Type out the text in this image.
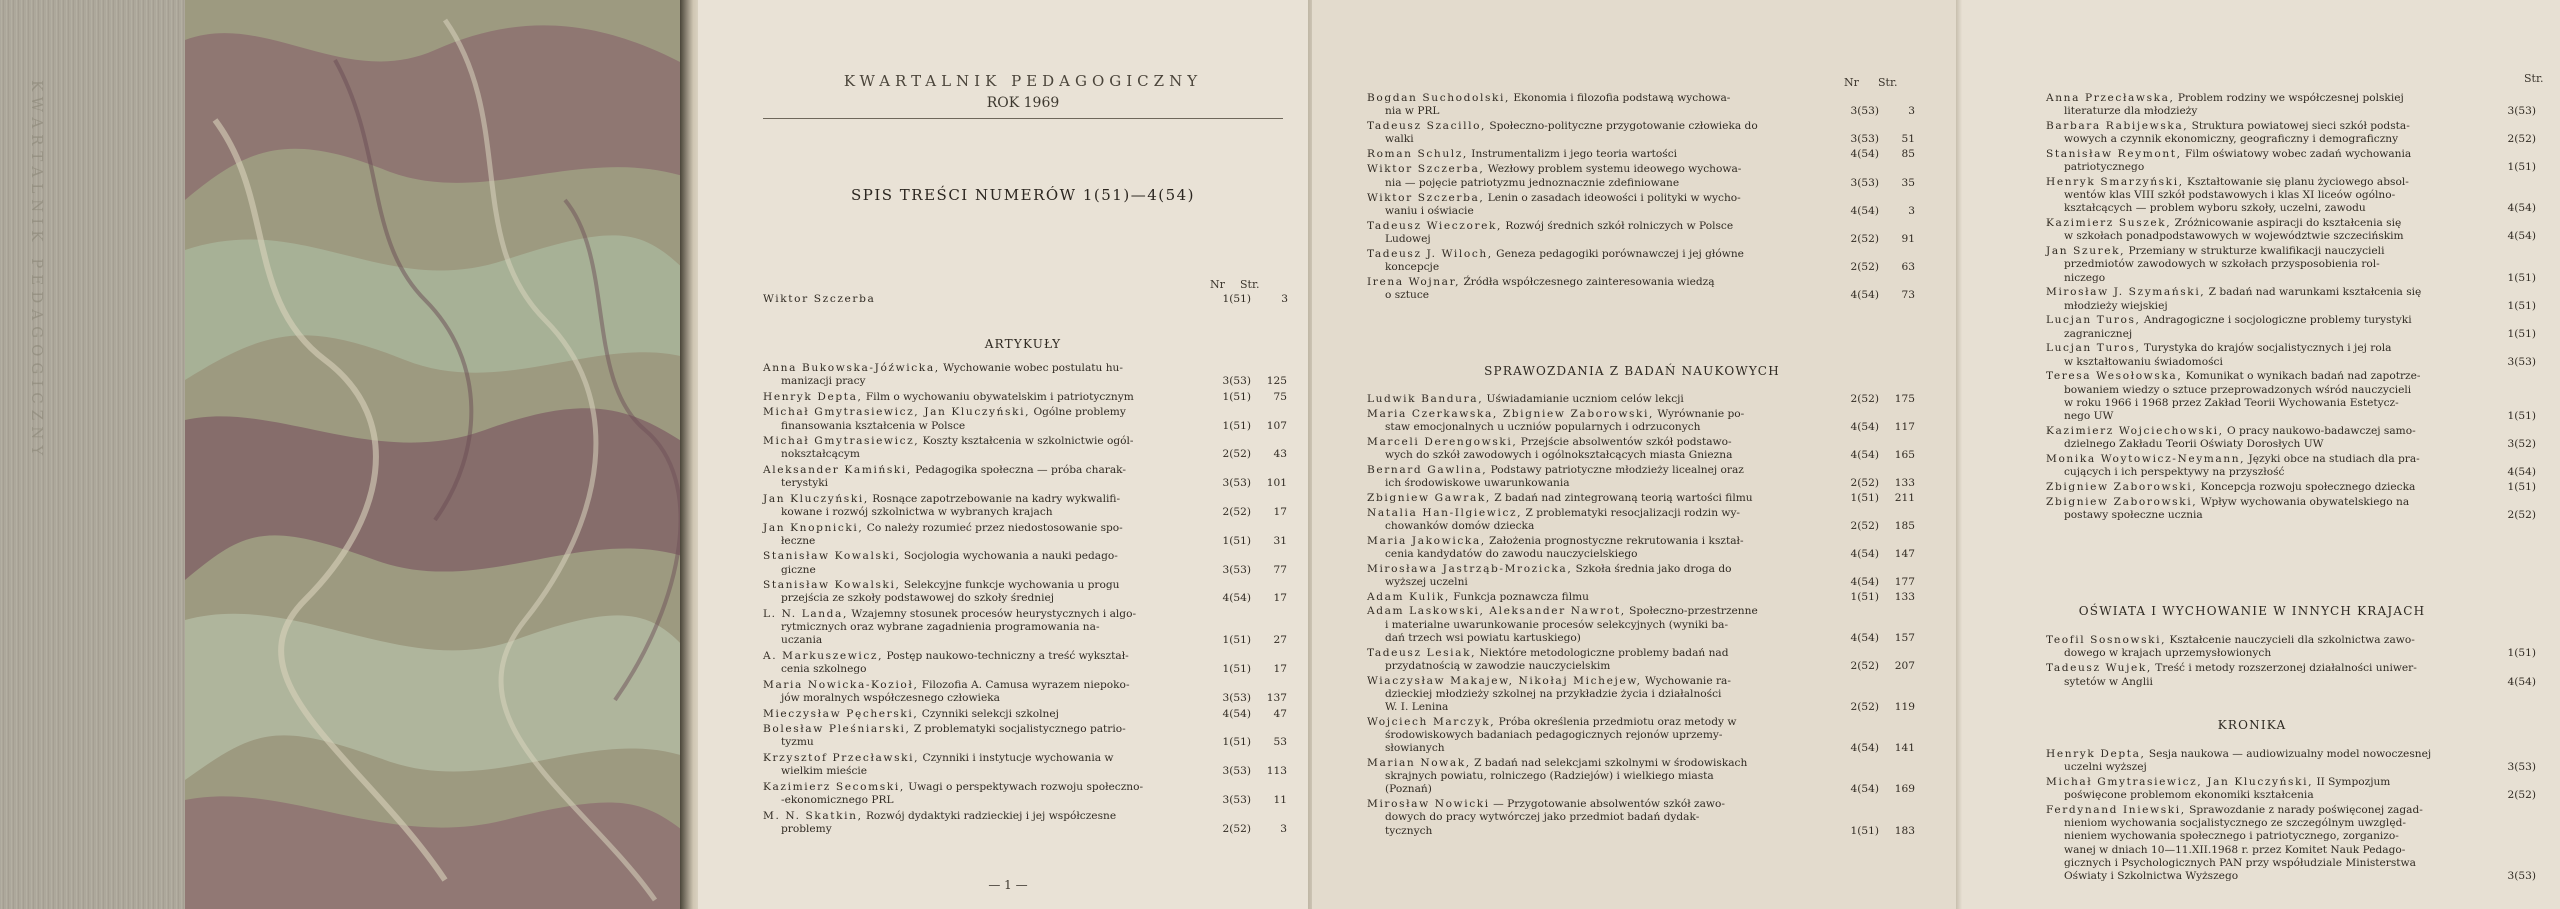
KWARTALNIK PEDAGOGICZNY	KWARTALNIK PEDAGOGICZNY
ROK 1969
SPIS TREŚCI NUMERÓW 1(51)—4(54)
Nr Str.
Wiktor Szczerba	1(51)	3
ARTYKUŁY
Anna Bukowska-Jóźwicka, Wychowanie wobec postulatu hu-
manizacji pracy	3(53)	125
Henryk Depta, Film o wychowaniu obywatelskim i patriotycznym	1(51)	75
Michał Gmytrasiewicz, Jan Kluczyński, Ogólne problemy
finansowania kształcenia w Polsce	1(51)	107
Michał Gmytrasiewicz, Koszty kształcenia w szkolnictwie ogól-
nokształcącym	2(52)	43
Aleksander Kamiński, Pedagogika społeczna — próba charak-
terystyki	3(53)	101
Jan Kluczyński, Rosnące zapotrzebowanie na kadry wykwalifi-
kowane i rozwój szkolnictwa w wybranych krajach	2(52)	17
Jan Knopnicki, Co należy rozumieć przez niedostosowanie spo-
łeczne	1(51)	31
Stanisław Kowalski, Socjologia wychowania a nauki pedago-
giczne	3(53)	77
Stanisław Kowalski, Selekcyjne funkcje wychowania u progu
przejścia ze szkoły podstawowej do szkoły średniej	4(54)	17
L. N. Landa, Wzajemny stosunek procesów heurystycznych i algo-
rytmicznych oraz wybrane zagadnienia programowania na-
uczania	1(51)	27
A. Markuszewicz, Postęp naukowo-techniczny a treść wykształ-
cenia szkolnego	1(51)	17
Maria Nowicka-Kozioł, Filozofia A. Camusa wyrazem niepoko-
jów moralnych współczesnego człowieka	3(53)	137
Mieczysław Pęcherski, Czynniki selekcji szkolnej	4(54)	47
Bolesław Pleśniarski, Z problematyki socjalistycznego patrio-
tyzmu	1(51)	53
Krzysztof Przecławski, Czynniki i instytucje wychowania w
wielkim mieście	3(53)	113
Kazimierz Secomski, Uwagi o perspektywach rozwoju społeczno-
-ekonomicznego PRL	3(53)	11
M. N. Skatkin, Rozwój dydaktyki radzieckiej i jej współczesne
problemy	2(52)	3
— 1 —
Nr Str.
Bogdan Suchodolski, Ekonomia i filozofia podstawą wychowa-
nia w PRL	3(53)	3
Tadeusz Szacillo, Społeczno-polityczne przygotowanie człowieka do
walki	3(53)	51
Roman Schulz, Instrumentalizm i jego teoria wartości	4(54)	85
Wiktor Szczerba, Wezłowy problem systemu ideowego wychowa-
nia — pojęcie patriotyzmu jednoznacznie zdefiniowane	3(53)	35
Wiktor Szczerba, Lenin o zasadach ideowości i polityki w wycho-
waniu i oświacie	4(54)	3
Tadeusz Wieczorek, Rozwój średnich szkół rolniczych w Polsce
Ludowej	2(52)	91
Tadeusz J. Wiloch, Geneza pedagogiki porównawczej i jej główne
koncepcje	2(52)	63
Irena Wojnar, Źródła współczesnego zainteresowania wiedzą
o sztuce	4(54)	73
SPRAWOZDANIA Z BADAŃ NAUKOWYCH
Ludwik Bandura, Uświadamianie uczniom celów lekcji	2(52)	175
Maria Czerkawska, Zbigniew Zaborowski, Wyrównanie po-
staw emocjonalnych u uczniów popularnych i odrzuconych	4(54)	117
Marceli Derengowski, Przejście absolwentów szkół podstawo-
wych do szkół zawodowych i ogólnokształcących miasta Gniezna	4(54)	165
Bernard Gawlina, Podstawy patriotyczne młodzieży licealnej oraz
ich środowiskowe uwarunkowania	2(52)	133
Zbigniew Gawrak, Z badań nad zintegrowaną teorią wartości filmu	1(51)	211
Natalia Han-Ilgiewicz, Z problematyki resocjalizacji rodzin wy-
chowanków domów dziecka	2(52)	185
Maria Jakowicka, Założenia prognostyczne rekrutowania i kształ-
cenia kandydatów do zawodu nauczycielskiego	4(54)	147
Mirosława Jastrząb-Mrozicka, Szkoła średnia jako droga do
wyższej uczelni	4(54)	177
Adam Kulik, Funkcja poznawcza filmu	1(51)	133
Adam Laskowski, Aleksander Nawrot, Społeczno-przestrzenne
i materialne uwarunkowanie procesów selekcyjnych (wyniki ba-
dań trzech wsi powiatu kartuskiego)	4(54)	157
Tadeusz Lesiak, Niektóre metodologiczne problemy badań nad
przydatnością w zawodzie nauczycielskim	2(52)	207
Wiaczysław Makajew, Nikołaj Michejew, Wychowanie ra-
dzieckiej młodzieży szkolnej na przykładzie życia i działalności
W. I. Lenina	2(52)	119
Wojciech Marczyk, Próba określenia przedmiotu oraz metody w
środowiskowych badaniach pedagogicznych rejonów uprzemy-
słowianych	4(54)	141
Marian Nowak, Z badań nad selekcjami szkolnymi w środowiskach
skrajnych powiatu, rolniczego (Radziejów) i wielkiego miasta
(Poznań)	4(54)	169
Mirosław Nowicki — Przygotowanie absolwentów szkół zawo-
dowych do pracy wytwórczej jako przedmiot badań dydak-
tycznych	1(51)	183
Str.
Anna Przecławska, Problem rodziny we współczesnej polskiej
literaturze dla młodzieży	3(53)
Barbara Rabijewska, Struktura powiatowej sieci szkół podsta-
wowych a czynnik ekonomiczny, geograficzny i demograficzny	2(52)
Stanisław Reymont, Film oświatowy wobec zadań wychowania
patriotycznego	1(51)
Henryk Smarzyński, Kształtowanie się planu życiowego absol-
wentów klas VIII szkół podstawowych i klas XI liceów ogólno-
kształcących — problem wyboru szkoły, uczelni, zawodu	4(54)
Kazimierz Suszek, Zróżnicowanie aspiracji do kształcenia się
w szkołach ponadpodstawowych w województwie szczecińskim	4(54)
Jan Szurek, Przemiany w strukturze kwalifikacji nauczycieli
przedmiotów zawodowych w szkołach przysposobienia rol-
niczego	1(51)
Mirosław J. Szymański, Z badań nad warunkami kształcenia się
młodzieży wiejskiej	1(51)
Lucjan Turos, Andragogiczne i socjologiczne problemy turystyki
zagranicznej	1(51)
Lucjan Turos, Turystyka do krajów socjalistycznych i jej rola
w kształtowaniu świadomości	3(53)
Teresa Wesołowska, Komunikat o wynikach badań nad zapotrze-
bowaniem wiedzy o sztuce przeprowadzonych wśród nauczycieli
w roku 1966 i 1968 przez Zakład Teorii Wychowania Estetycz-
nego UW	1(51)
Kazimierz Wojciechowski, O pracy naukowo-badawczej samo-
dzielnego Zakładu Teorii Oświaty Dorosłych UW	3(52)
Monika Woytowicz-Neymann, Języki obce na studiach dla pra-
cujących i ich perspektywy na przyszłość	4(54)
Zbigniew Zaborowski, Koncepcja rozwoju społecznego dziecka	1(51)
Zbigniew Zaborowski, Wpływ wychowania obywatelskiego na
postawy społeczne ucznia	2(52)
OŚWIATA I WYCHOWANIE W INNYCH KRAJACH
Teofil Sosnowski, Kształcenie nauczycieli dla szkolnictwa zawo-
dowego w krajach uprzemysłowionych	1(51)
Tadeusz Wujek, Treść i metody rozszerzonej działalności uniwer-
sytetów w Anglii	4(54)
KRONIKA
Henryk Depta, Sesja naukowa — audiowizualny model nowoczesnej
uczelni wyższej	3(53)
Michał Gmytrasiewicz, Jan Kluczyński, II Sympozjum
poświęcone problemom ekonomiki kształcenia	2(52)
Ferdynand Iniewski, Sprawozdanie z narady poświęconej zagad-
nieniom wychowania socjalistycznego ze szczególnym uwzględ-
nieniem wychowania społecznego i patriotycznego, zorganizo-
wanej w dniach 10—11.XII.1968 r. przez Komitet Nauk Pedago-
gicznych i Psychologicznych PAN przy współudziale Ministerstwa
Oświaty i Szkolnictwa Wyższego	3(53)
